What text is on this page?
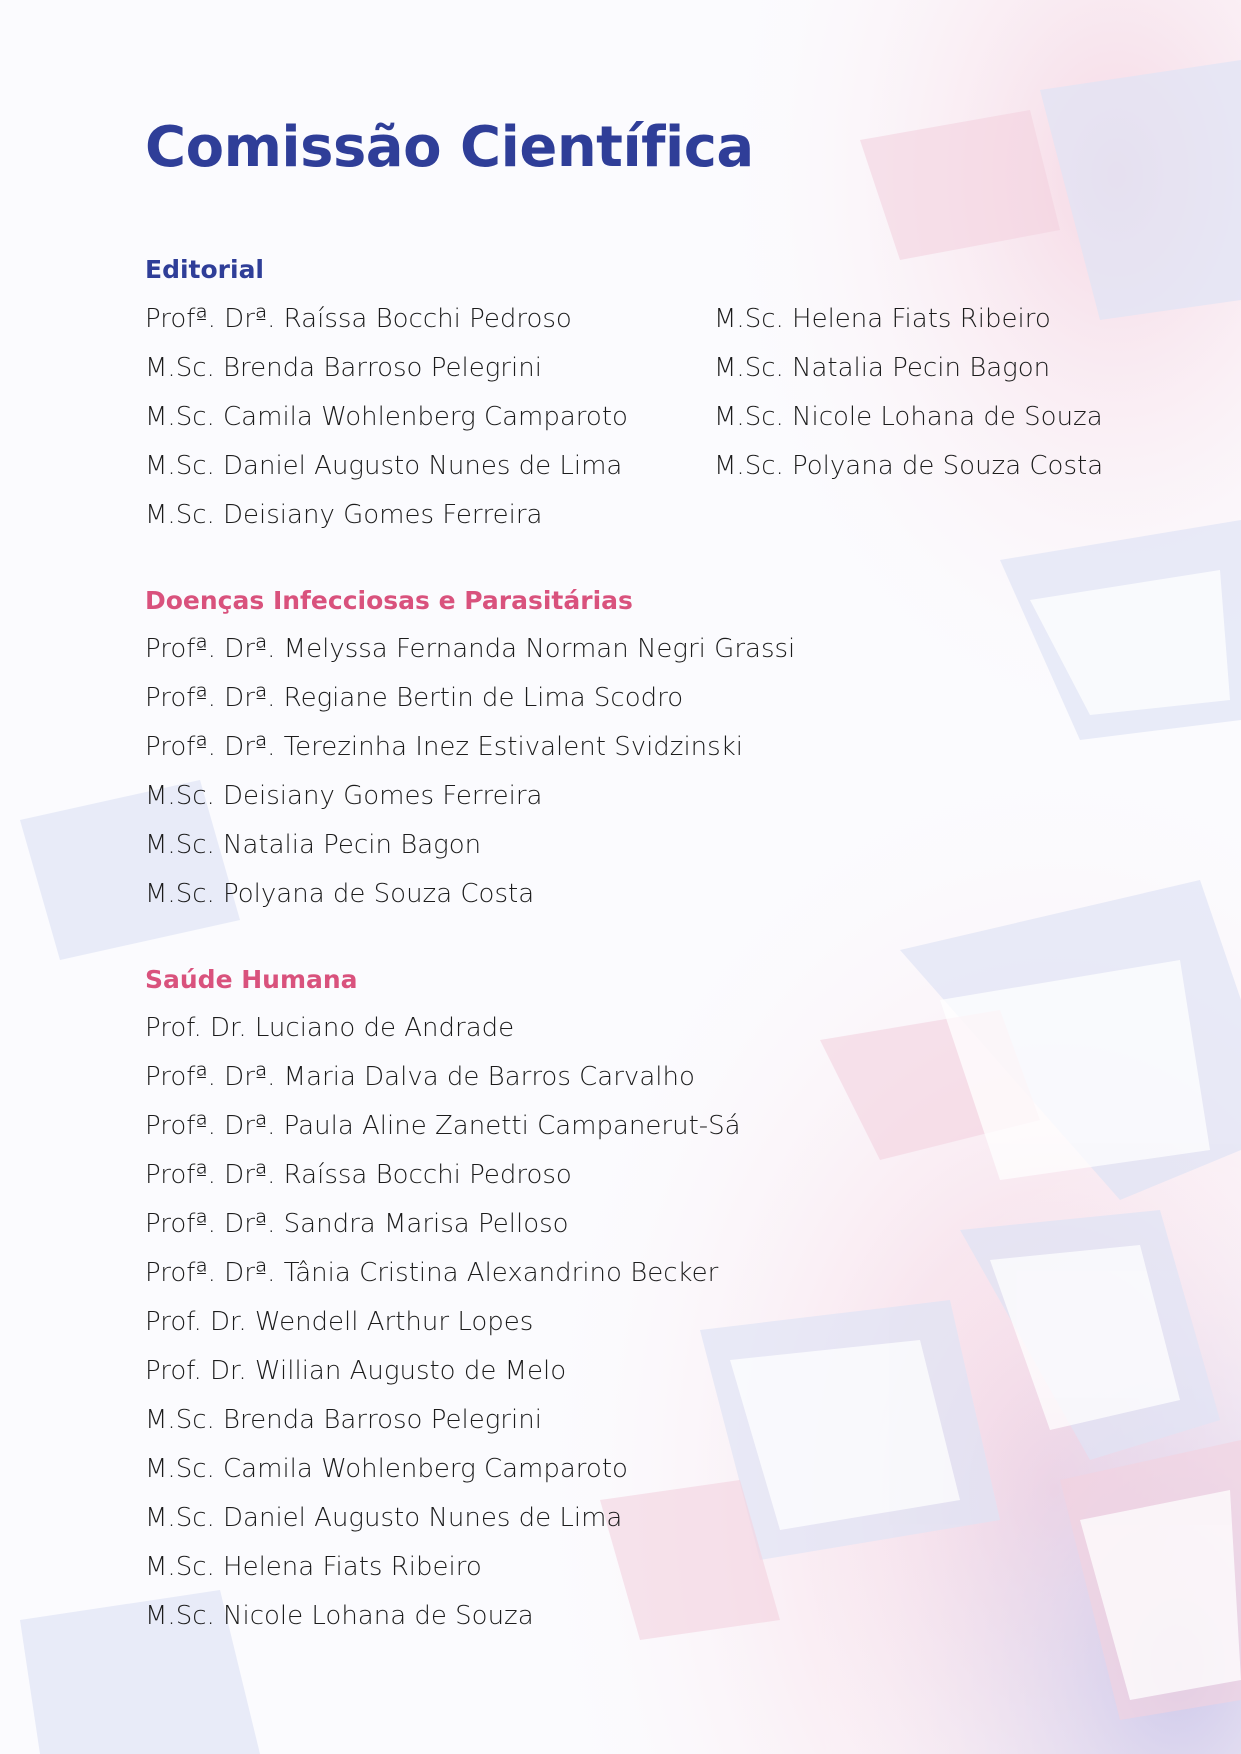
Comissão Científica
Editorial
Profª. Drª. Raíssa Bocchi Pedroso
M.Sc. Brenda Barroso Pelegrini
M.Sc. Camila Wohlenberg Camparoto
M.Sc. Daniel Augusto Nunes de Lima
M.Sc. Deisiany Gomes Ferreira
M.Sc. Helena Fiats Ribeiro
M.Sc. Natalia Pecin Bagon
M.Sc. Nicole Lohana de Souza
M.Sc. Polyana de Souza Costa
Doenças Infecciosas e Parasitárias
Profª. Drª. Melyssa Fernanda Norman Negri Grassi
Profª. Drª. Regiane Bertin de Lima Scodro
Profª. Drª. Terezinha Inez Estivalent Svidzinski
M.Sc. Deisiany Gomes Ferreira
M.Sc. Natalia Pecin Bagon
M.Sc. Polyana de Souza Costa
Saúde Humana
Prof. Dr. Luciano de Andrade
Profª. Drª. Maria Dalva de Barros Carvalho
Profª. Drª. Paula Aline Zanetti Campanerut-Sá
Profª. Drª. Raíssa Bocchi Pedroso
Profª. Drª. Sandra Marisa Pelloso
Profª. Drª. Tânia Cristina Alexandrino Becker
Prof. Dr. Wendell Arthur Lopes
Prof. Dr. Willian Augusto de Melo
M.Sc. Brenda Barroso Pelegrini
M.Sc. Camila Wohlenberg Camparoto
M.Sc. Daniel Augusto Nunes de Lima
M.Sc. Helena Fiats Ribeiro
M.Sc. Nicole Lohana de Souza
